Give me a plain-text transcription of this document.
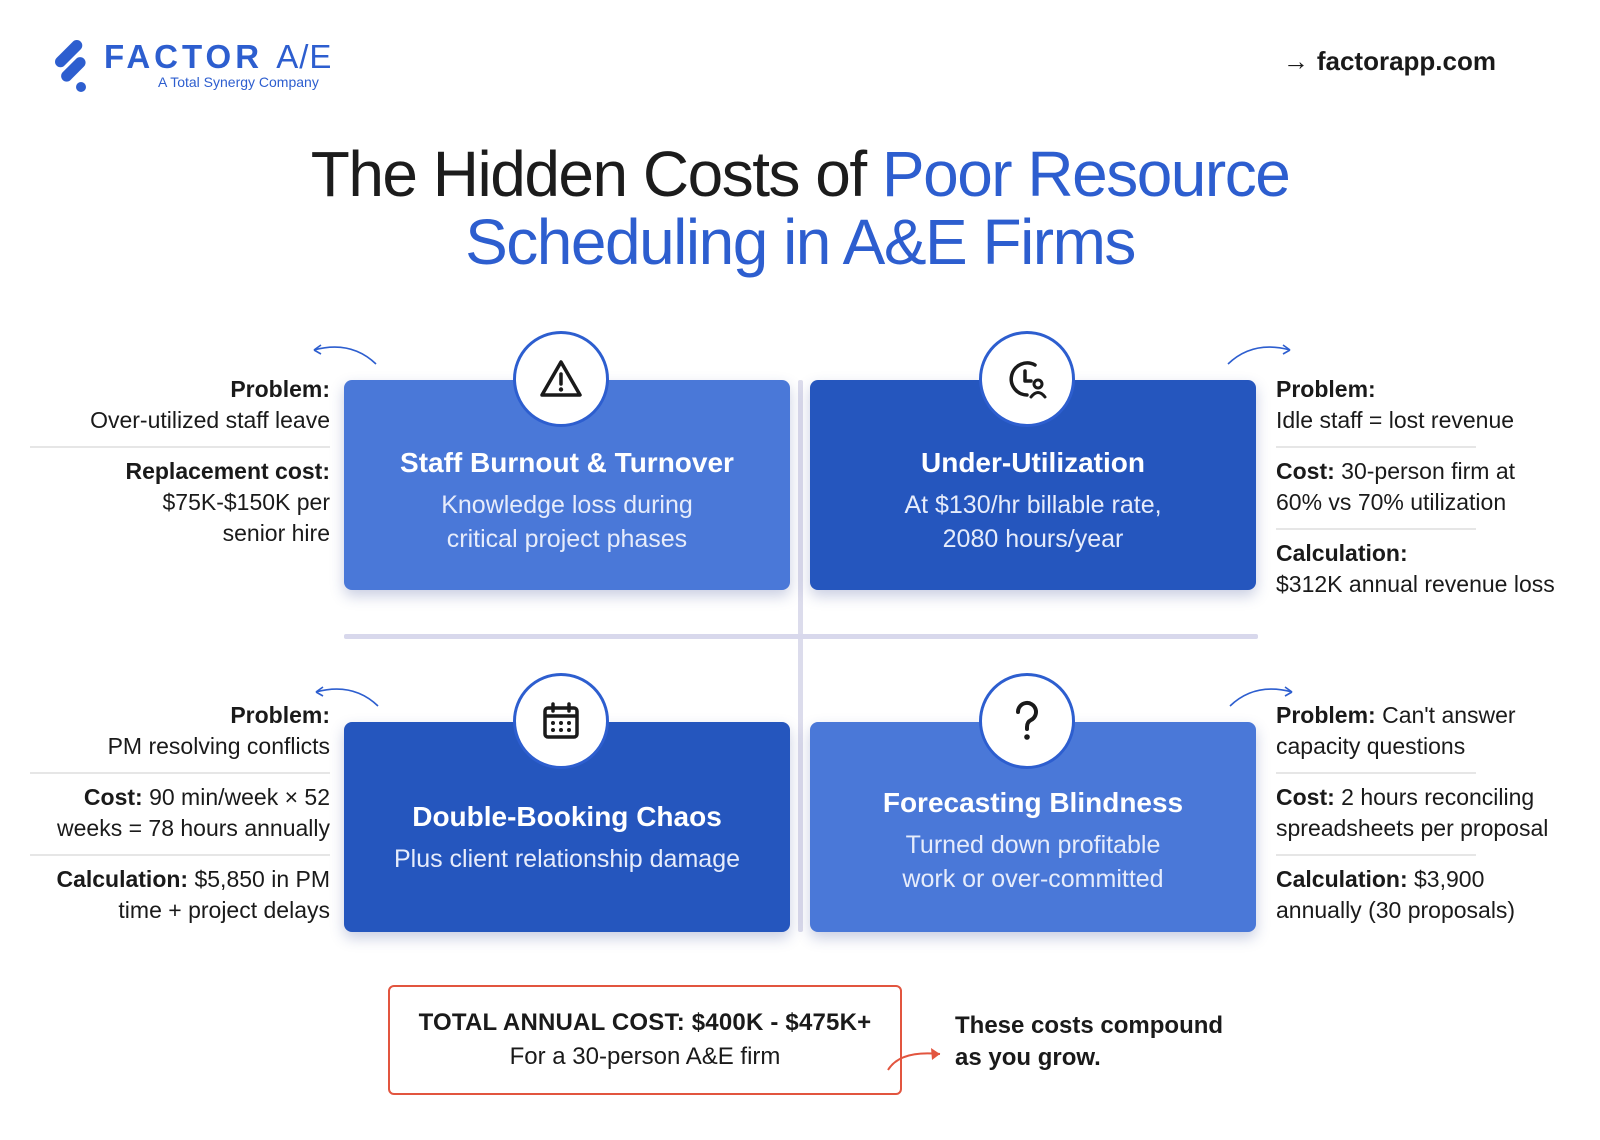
FACTOR A/E
A Total Synergy Company
→ factorapp.com
The Hidden Costs of Poor Resource
Scheduling in A&E Firms
Staff Burnout & Turnover
Knowledge loss during
critical project phases
Under-Utilization
At $130/hr billable rate,
2080 hours/year
Double-Booking Chaos
Plus client relationship damage
Forecasting Blindness
Turned down profitable
work or over-committed
Problem:
Over-utilized staff leave
Replacement cost:
$75K-$150K per
senior hire
Problem:
Idle staff = lost revenue
Cost: 30-person firm at
60% vs 70% utilization
Calculation:
$312K annual revenue loss
Problem:
PM resolving conflicts
Cost: 90 min/week × 52
weeks = 78 hours annually
Calculation: $5,850 in PM
time + project delays
Problem: Can't answer
capacity questions
Cost: 2 hours reconciling
spreadsheets per proposal
Calculation: $3,900
annually (30 proposals)
TOTAL ANNUAL COST: $400K - $475K+
For a 30-person A&E firm
These costs compound
as you grow.
